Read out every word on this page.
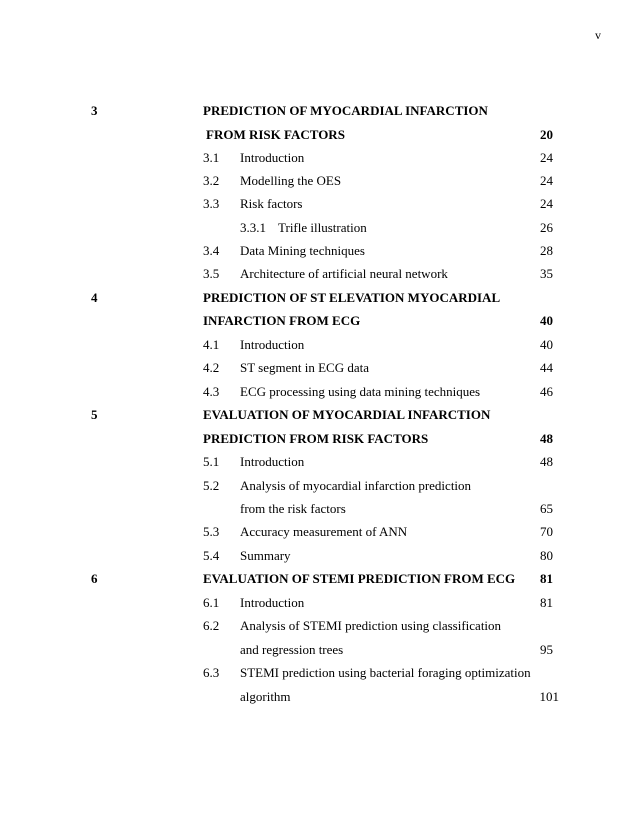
v
3	PREDICTION OF MYOCARDIAL INFARCTION
FROM RISK FACTORS	20
3.1 Introduction	24
3.2 Modelling the OES	24
3.3 Risk factors	24
3.3.1 Trifle illustration	26
3.4 Data Mining techniques	28
3.5 Architecture of artificial neural network	35
4	PREDICTION OF ST ELEVATION MYOCARDIAL
INFARCTION FROM ECG	40
4.1 Introduction	40
4.2 ST segment in ECG data	44
4.3 ECG processing using data mining techniques	46
5	EVALUATION OF MYOCARDIAL INFARCTION
PREDICTION FROM RISK FACTORS	48
5.1 Introduction	48
5.2 Analysis of myocardial infarction prediction
from the risk factors	65
5.3 Accuracy measurement of ANN	70
5.4 Summary	80
6	EVALUATION OF STEMI PREDICTION FROM ECG 81
6.1 Introduction	81
6.2 Analysis of STEMI prediction using classification
and regression trees	95
6.3 STEMI prediction using bacterial foraging optimization
algorithm	101
